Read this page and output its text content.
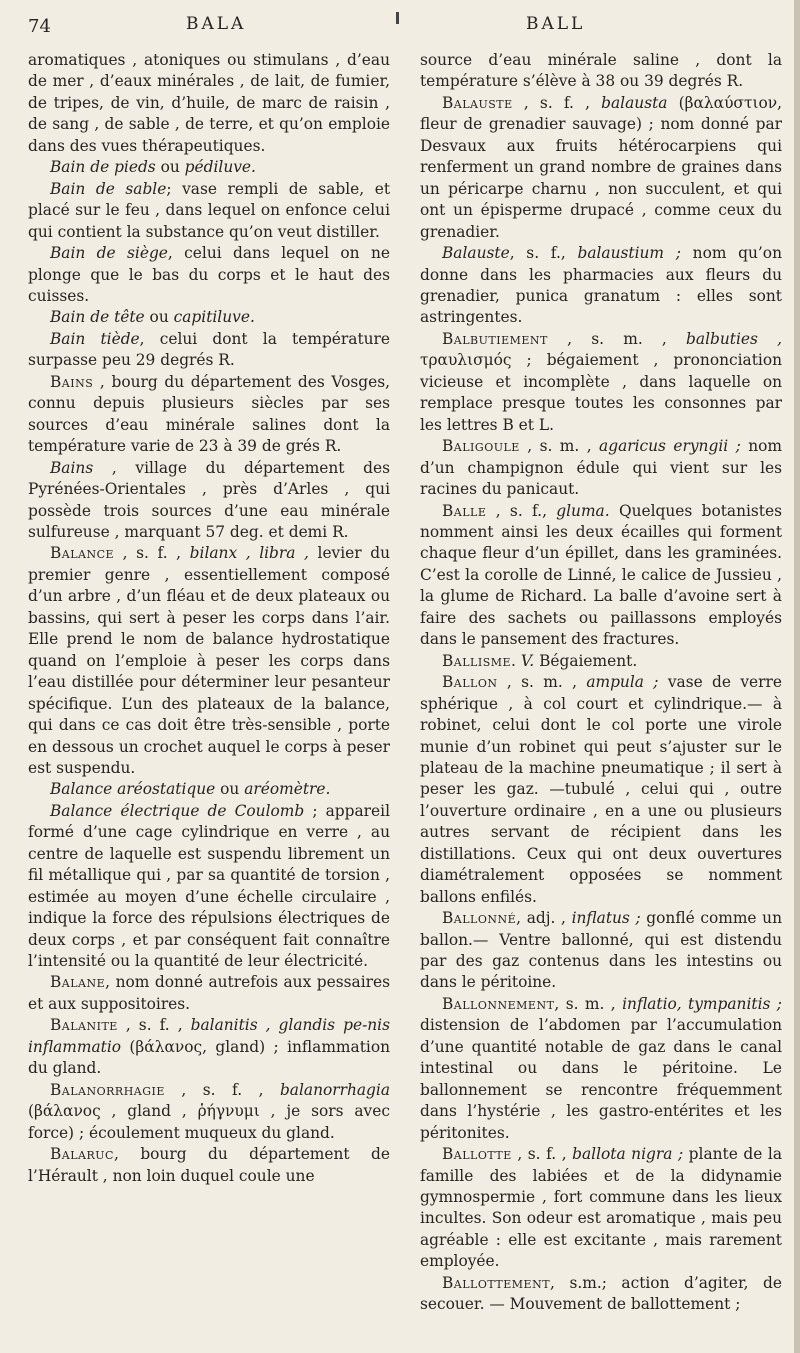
74	BALA	BALL

aromatiques , atoniques ou stimulans , d’eau de mer , d’eaux minérales , de lait, de fumier, de tripes, de vin, d’huile, de marc de raisin , de sang , de sable , de terre, et qu’on emploie dans des vues thérapeutiques.

Bain de pieds ou pédiluve.

Bain de sable; vase rempli de sable, et placé sur le feu , dans lequel on enfonce celui qui contient la substance qu’on veut distiller.

Bain de siège, celui dans lequel on ne plonge que le bas du corps et le haut des cuisses.

Bain de tête ou capitiluve.

Bain tiède, celui dont la température surpasse peu 29 degrés R.

Bains , bourg du département des Vosges, connu depuis plusieurs siècles par ses sources d’eau minérale salines dont la température varie de 23 à 39 de grés R.

Bains , village du département des Pyrénées-Orientales , près d’Arles , qui possède trois sources d’une eau minérale sulfureuse , marquant 57 deg. et demi R.

Balance , s. f. , bilanx , libra , levier du premier genre , essentiellement composé d’un arbre , d’un fléau et de deux plateaux ou bassins, qui sert à peser les corps dans l’air. Elle prend le nom de balance hydrostatique quand on l’emploie à peser les corps dans l’eau distillée pour déterminer leur pesanteur spécifique. L’un des plateaux de la balance, qui dans ce cas doit être très-sensible , porte en dessous un crochet auquel le corps à peser est suspendu.

Balance aréostatique ou aréomètre.

Balance électrique de Coulomb ; appareil formé d’une cage cylindrique en verre , au centre de laquelle est suspendu librement un fil métallique qui , par sa quantité de torsion , estimée au moyen d’une échelle circulaire , indique la force des répulsions électriques de deux corps , et par conséquent fait connaître l’intensité ou la quantité de leur électricité.

Balane, nom donné autrefois aux pessaires et aux suppositoires.

Balanite , s. f. , balanitis , glandis pe-nis inflammatio (βάλανος, gland) ; inflammation du gland.

Balanorrhagie , s. f. , balanorrhagia (βάλανος , gland , ῥήγνυμι , je sors avec force) ; écoulement muqueux du gland.

Balaruc, bourg du département de l’Hérault , non loin duquel coule une

source d’eau minérale saline , dont la température s’élève à 38 ou 39 degrés R.

Balauste , s. f. , balausta (βαλαύστιον, fleur de grenadier sauvage) ; nom donné par Desvaux aux fruits hétérocarpiens qui renferment un grand nombre de graines dans un péricarpe charnu , non succulent, et qui ont un épisperme drupacé , comme ceux du grenadier.

Balauste, s. f., balaustium ; nom qu’on donne dans les pharmacies aux fleurs du grenadier, punica granatum : elles sont astringentes.

Balbutiement , s. m. , balbuties , τραυλισμός ; bégaiement , prononciation vicieuse et incomplète , dans laquelle on remplace presque toutes les consonnes par les lettres B et L.

Baligoule , s. m. , agaricus eryngii ; nom d’un champignon édule qui vient sur les racines du panicaut.

Balle , s. f., gluma. Quelques botanistes nomment ainsi les deux écailles qui forment chaque fleur d’un épillet, dans les graminées. C’est la corolle de Linné, le calice de Jussieu , la glume de Richard. La balle d’avoine sert à faire des sachets ou paillassons employés dans le pansement des fractures.

Ballisme. V. Bégaiement.

Ballon , s. m. , ampula ; vase de verre sphérique , à col court et cylindrique.— à robinet, celui dont le col porte une virole munie d’un robinet qui peut s’ajuster sur le plateau de la machine pneumatique ; il sert à peser les gaz. —tubulé , celui qui , outre l’ouverture ordinaire , en a une ou plusieurs autres servant de récipient dans les distillations. Ceux qui ont deux ouvertures diamétralement opposées se nomment ballons enfilés.

Ballonné, adj. , inflatus ; gonflé comme un ballon.— Ventre ballonné, qui est distendu par des gaz contenus dans les intestins ou dans le péritoine.

Ballonnement, s. m. , inflatio, tympanitis ; distension de l’abdomen par l’accumulation d’une quantité notable de gaz dans le canal intestinal ou dans le péritoine. Le ballonnement se rencontre fréquemment dans l’hystérie , les gastro-entérites et les péritonites.

Ballotte , s. f. , ballota nigra ; plante de la famille des labiées et de la didynamie gymnospermie , fort commune dans les lieux incultes. Son odeur est aromatique , mais peu agréable : elle est excitante , mais rarement employée.

Ballottement, s.m.; action d’agiter, de secouer. — Mouvement de ballottement ;
